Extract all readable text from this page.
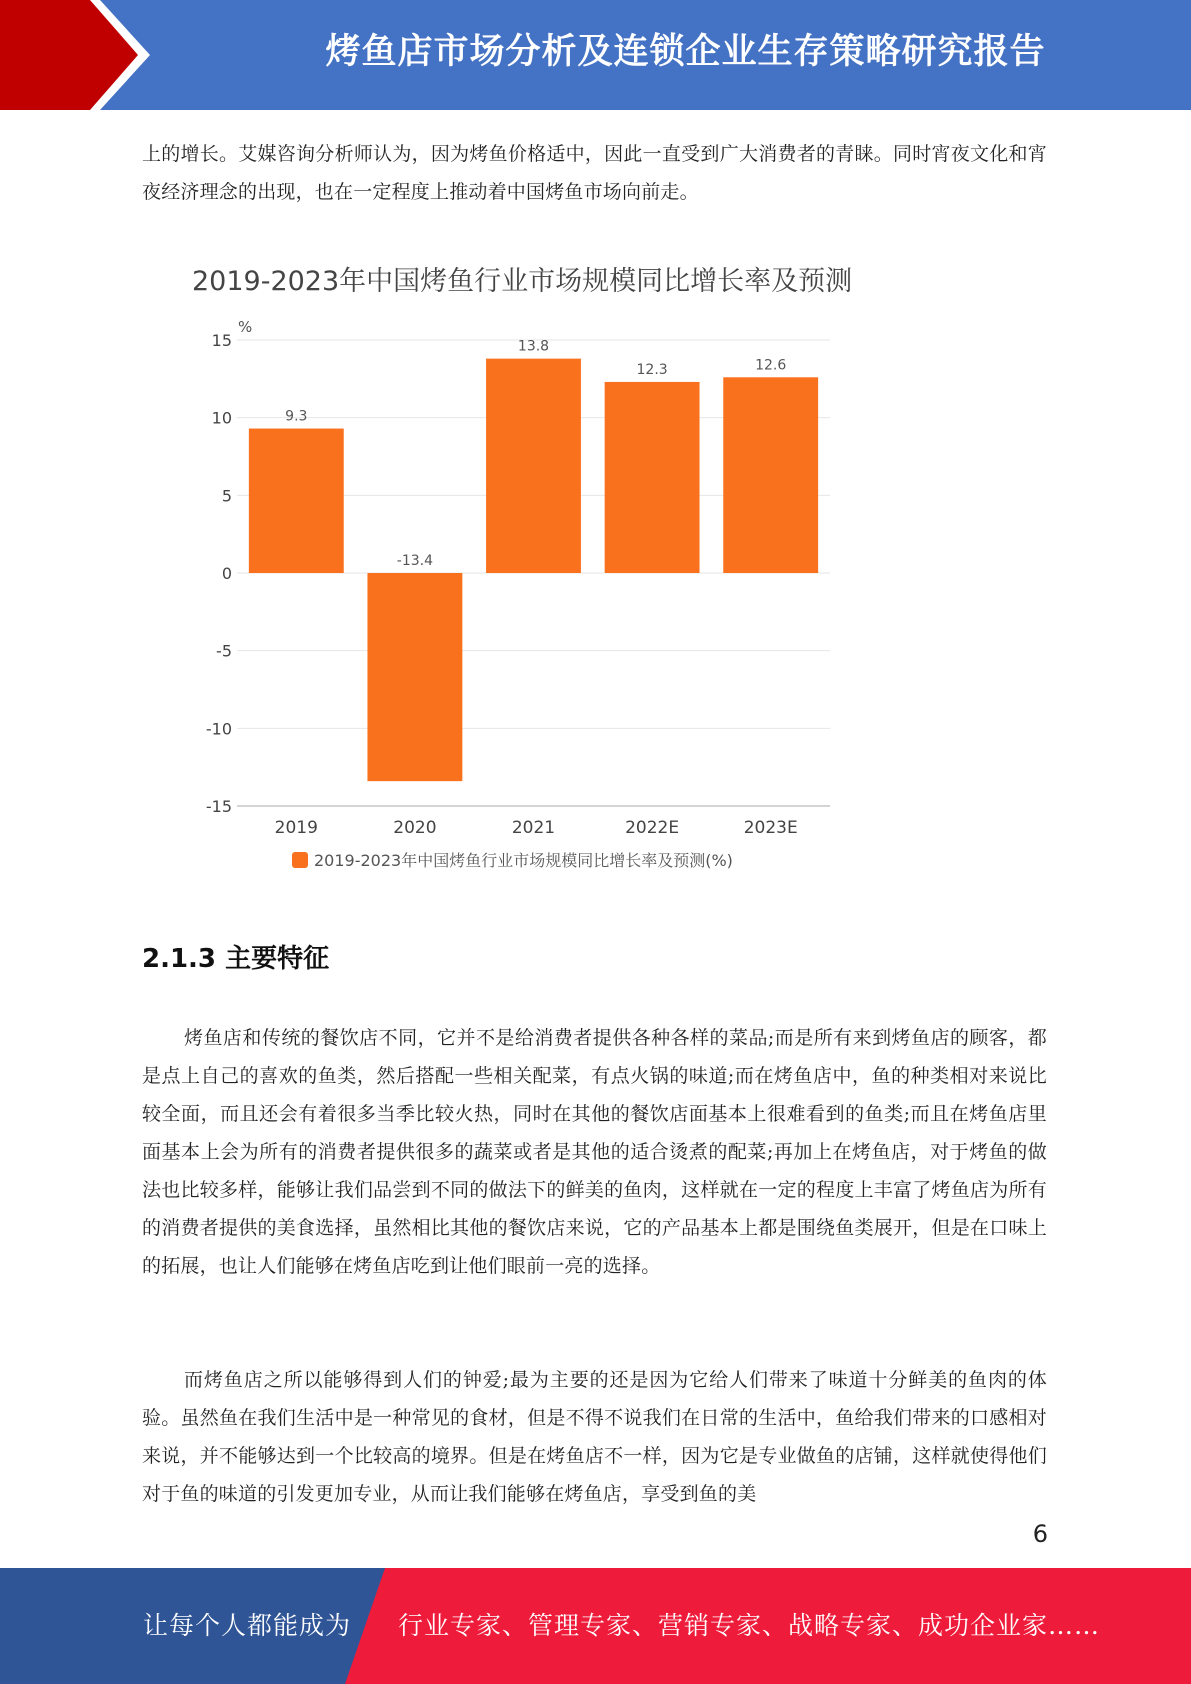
烤鱼店市场分析及连锁企业生存策略研究报告

上的增长。艾媒咨询分析师认为，因为烤鱼价格适中，因此一直受到广大消费者的青睐。同时宵夜文化和宵夜经济理念的出现，也在一定程度上推动着中国烤鱼市场向前走。

2019-2023年中国烤鱼行业市场规模同比增长率及预测
%
15
10
5
0
-5
-10
-15
9.3
2019
-13.4
2020
13.8
2021
12.3
2022E
12.6
2023E
2019-2023年中国烤鱼行业市场规模同比增长率及预测(%)
2.1.3 主要特征

烤鱼店和传统的餐饮店不同，它并不是给消费者提供各种各样的菜品;而是所有来到烤鱼店的顾客，都是点上自己的喜欢的鱼类，然后搭配一些相关配菜，有点火锅的味道;而在烤鱼店中，鱼的种类相对来说比较全面，而且还会有着很多当季比较火热，同时在其他的餐饮店面基本上很难看到的鱼类;而且在烤鱼店里面基本上会为所有的消费者提供很多的蔬菜或者是其他的适合烫煮的配菜;再加上在烤鱼店，对于烤鱼的做法也比较多样，能够让我们品尝到不同的做法下的鲜美的鱼肉，这样就在一定的程度上丰富了烤鱼店为所有的消费者提供的美食选择，虽然相比其他的餐饮店来说，它的产品基本上都是围绕鱼类展开，但是在口味上的拓展，也让人们能够在烤鱼店吃到让他们眼前一亮的选择。

而烤鱼店之所以能够得到人们的钟爱;最为主要的还是因为它给人们带来了味道十分鲜美的鱼肉的体验。虽然鱼在我们生活中是一种常见的食材，但是不得不说我们在日常的生活中，鱼给我们带来的口感相对来说，并不能够达到一个比较高的境界。但是在烤鱼店不一样，因为它是专业做鱼的店铺，这样就使得他们对于鱼的味道的引发更加专业，从而让我们能够在烤鱼店，享受到鱼的美

6
让每个人都能成为 行业专家、管理专家、营销专家、战略专家、成功企业家……
